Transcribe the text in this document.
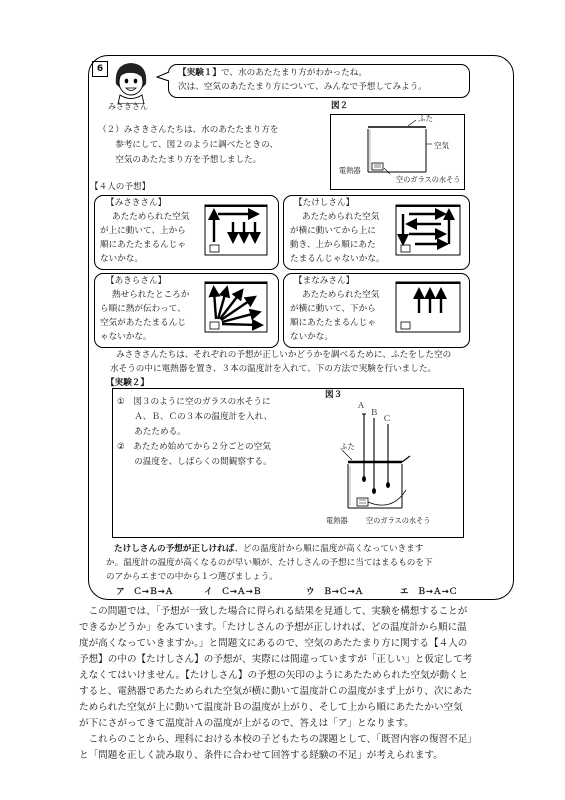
6
みさきさん
【実験１】で、水のあたたまり方がわかったね。
次は、空気のあたたまり方について、みんなで予想してみよう。
（２）みさきさんたちは、水のあたたまり方を
　　参考にして、図２のように調べたときの、
　　空気のあたたまり方を予想しました。
図２
ふた
空気
電熱器
空のガラスの水そう
【４人の予想】
【みさきさん】
あたためられた空気
が上に動いて、上から
順にあたたまるんじゃ
ないかな。
【たけしさん】
あたためられた空気
が横に動いてから上に
動き、上から順にあた
たまるんじゃないかな。
【あきらさん】
熱せられたところか
ら順に熱が伝わって、
空気があたたまるんじ
ゃないかな。
【まなみさん】
あたためられた空気
が横に動いて、下から
順にあたたまるんじゃ
ないかな。
みさきさんたちは、それぞれの予想が正しいかどうかを調べるために、ふたをした空の
水そうの中に電熱器を置き、３本の温度計を入れて、下の方法で実験を行いました。
【実験２】
①　図３のように空のガラスの水そうに
　　Ａ、Ｂ、Ｃの３本の温度計を入れ、
　　あたためる。
②　あたため始めてから２分ごとの空気
　　の温度を、しばらくの間観察する。
図３
Ａ
Ｂ
Ｃ
ふた
電熱器	空のガラスの水そう
たけしさんの予想が正しければ、どの温度計から順に温度が高くなっていきます
か。温度計の温度が高くなるのが早い順が、たけしさんの予想に当てはまるものを下
のアからエまでの中から１つ選びましょう。
ア　Ｃ→Ｂ→Ａ	イ　Ｃ→Ａ→Ｂ	ウ　Ｂ→Ｃ→Ａ	エ　Ｂ→Ａ→Ｃ
　この問題では、「予想が一致した場合に得られる結果を見通して、実験を構想することが
できるかどうか」をみています。「たけしさんの予想が正しければ、どの温度計から順に温
度が高くなっていきますか。」と問題文にあるので、空気のあたたまり方に関する【４人の
予想】の中の【たけしさん】の予想が、実際には間違っていますが「正しい」と仮定して考
えなくてはいけません。【たけしさん】の予想の矢印のようにあたためられた空気が動くと
すると、電熱器であたためられた空気が横に動いて温度計Ｃの温度がまず上がり、次にあた
ためられた空気が上に動いて温度計Ｂの温度が上がり、そして上から順にあたたかい空気
が下にさがってきて温度計Ａの温度が上がるので、答えは「ア」となります。
　これらのことから、理科における本校の子どもたちの課題として、「既習内容の復習不足」
と「問題を正しく読み取り、条件に合わせて回答する経験の不足」が考えられます。
